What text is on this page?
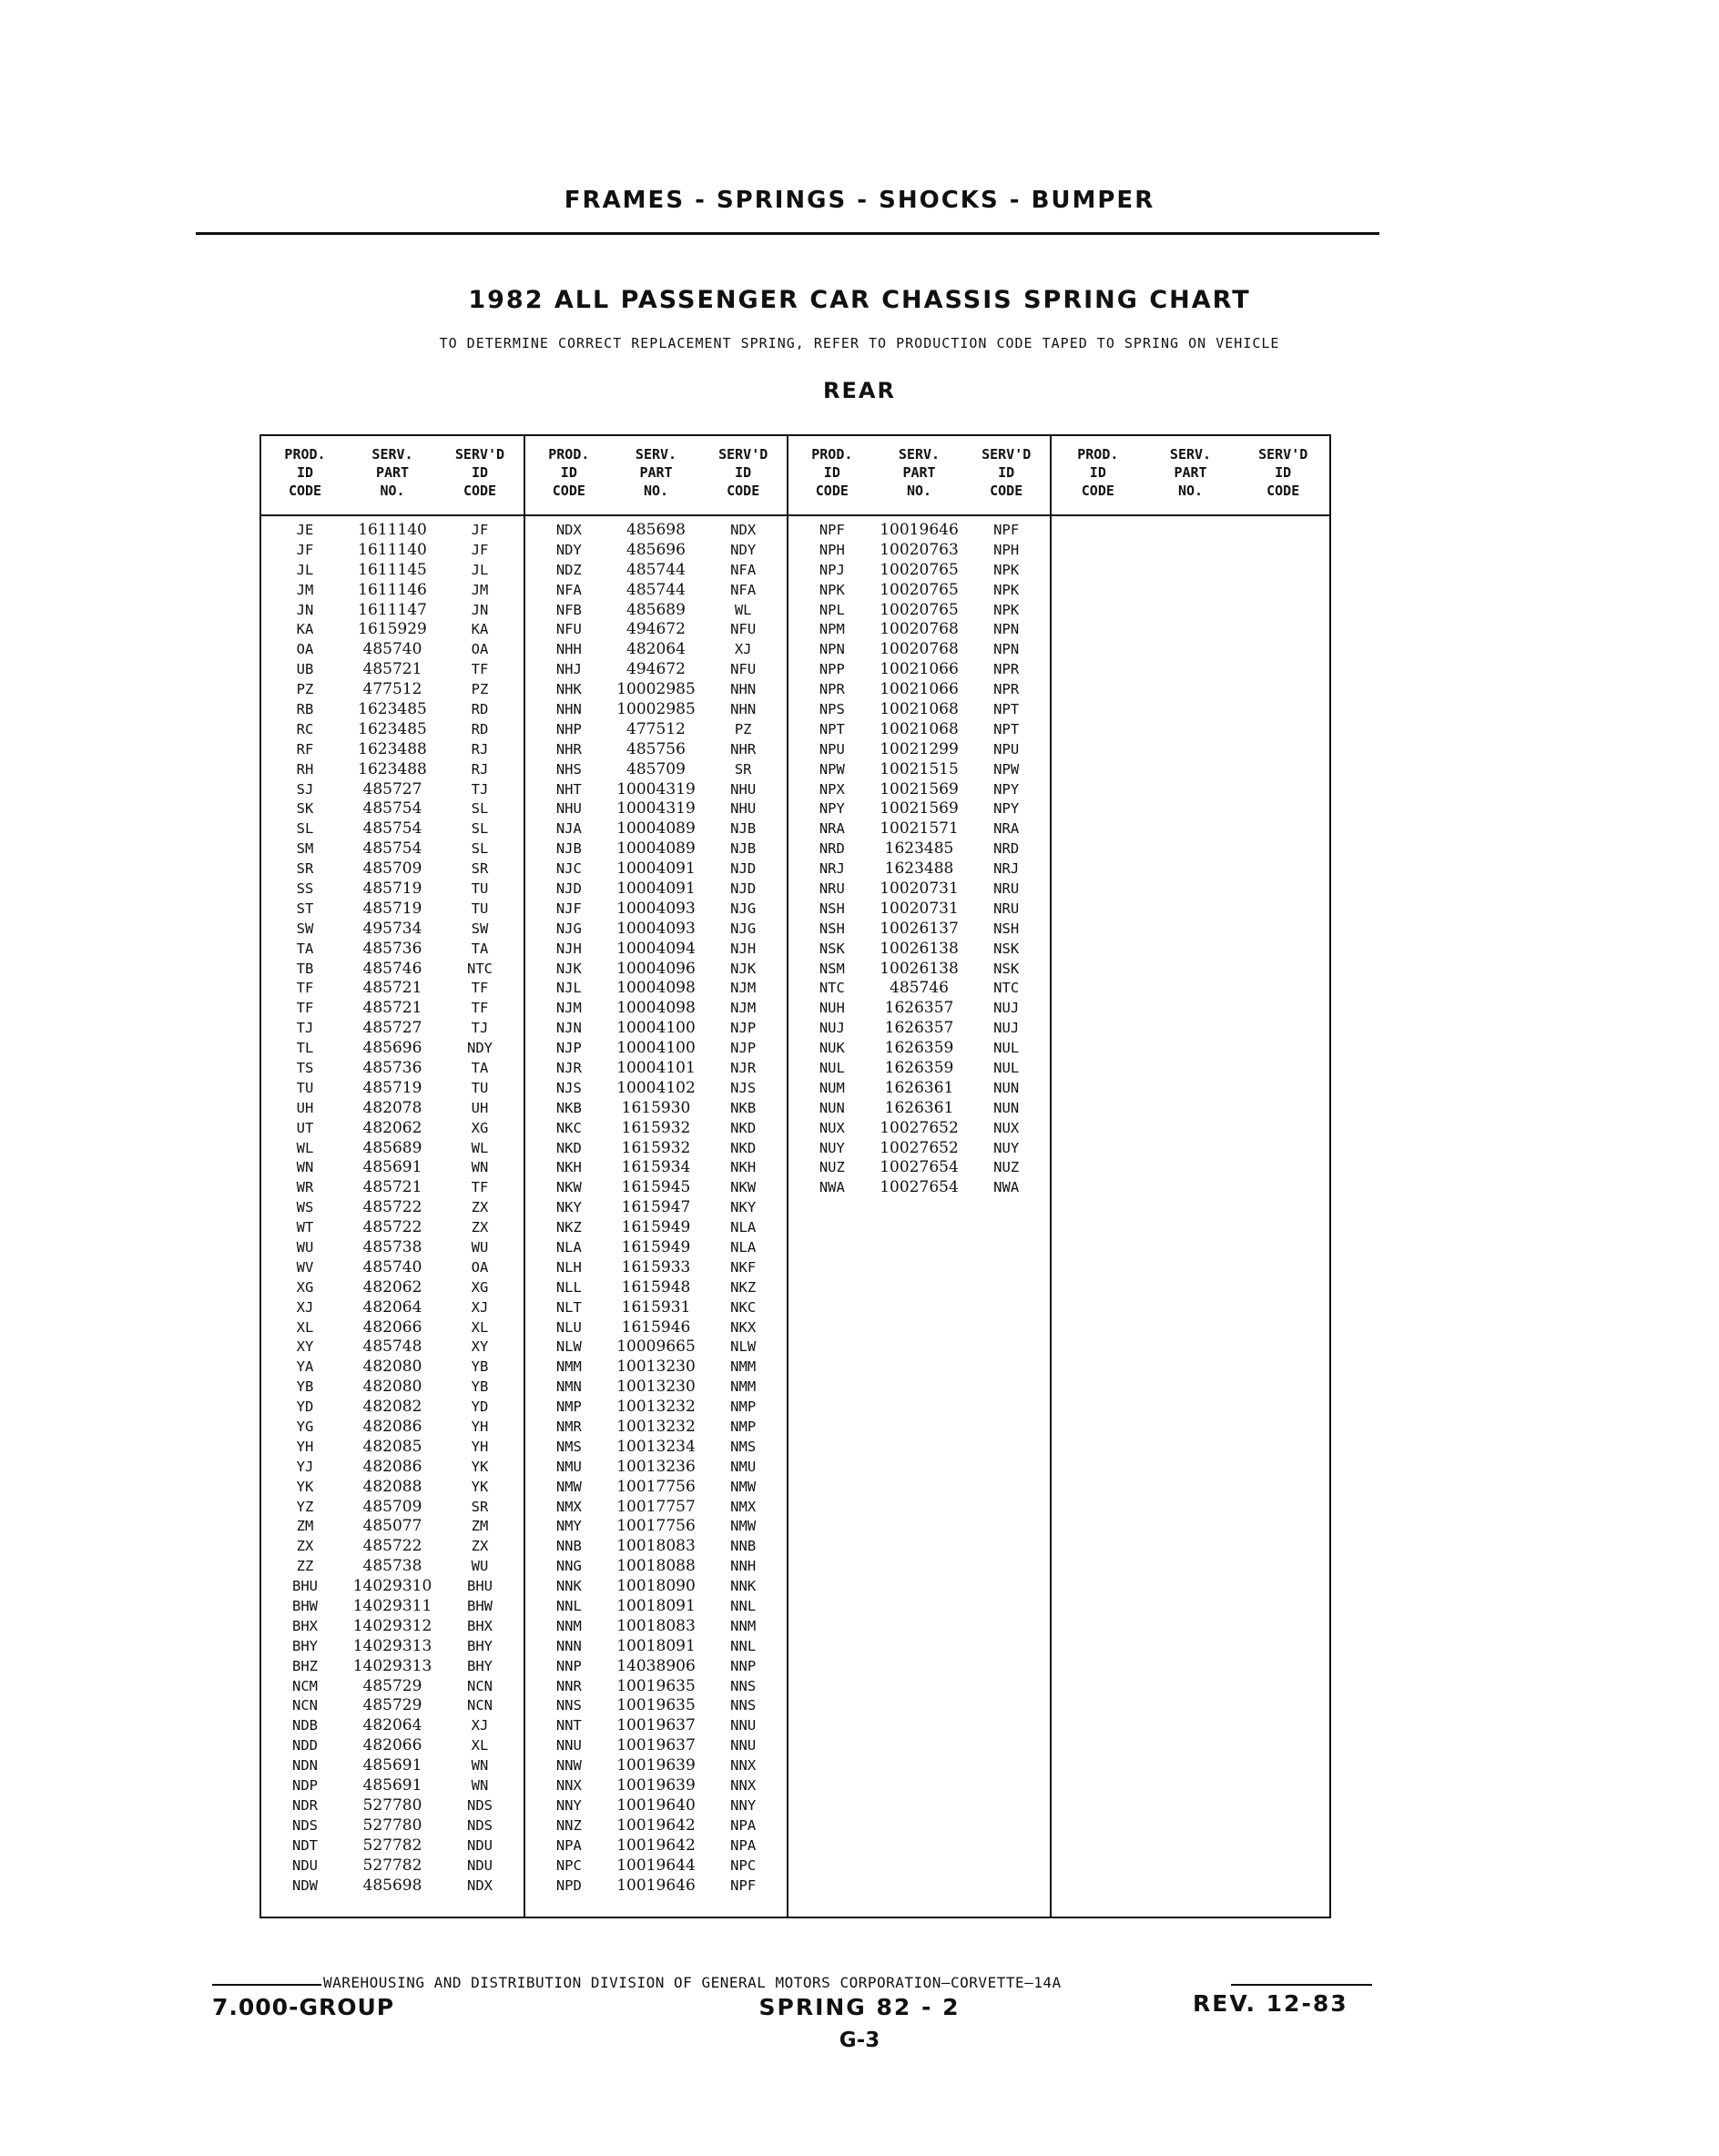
FRAMES - SPRINGS - SHOCKS - BUMPER
1982 ALL PASSENGER CAR CHASSIS SPRING CHART
TO DETERMINE CORRECT REPLACEMENT SPRING, REFER TO PRODUCTION CODE TAPED TO SPRING ON VEHICLE
REAR
PROD.
ID
CODE
SERV.
PART
NO.
SERV'D
ID
CODE
JE	1611140	JF
JF	1611140	JF
JL	1611145	JL
JM	1611146	JM
JN	1611147	JN
KA	1615929	KA
OA	485740	OA
UB	485721	TF
PZ	477512	PZ
RB	1623485	RD
RC	1623485	RD
RF	1623488	RJ
RH	1623488	RJ
SJ	485727	TJ
SK	485754	SL
SL	485754	SL
SM	485754	SL
SR	485709	SR
SS	485719	TU
ST	485719	TU
SW	495734	SW
TA	485736	TA
TB	485746	NTC
TF	485721	TF
TF	485721	TF
TJ	485727	TJ
TL	485696	NDY
TS	485736	TA
TU	485719	TU
UH	482078	UH
UT	482062	XG
WL	485689	WL
WN	485691	WN
WR	485721	TF
WS	485722	ZX
WT	485722	ZX
WU	485738	WU
WV	485740	OA
XG	482062	XG
XJ	482064	XJ
XL	482066	XL
XY	485748	XY
YA	482080	YB
YB	482080	YB
YD	482082	YD
YG	482086	YH
YH	482085	YH
YJ	482086	YK
YK	482088	YK
YZ	485709	SR
ZM	485077	ZM
ZX	485722	ZX
ZZ	485738	WU
BHU	14029310	BHU
BHW	14029311	BHW
BHX	14029312	BHX
BHY	14029313	BHY
BHZ	14029313	BHY
NCM	485729	NCN
NCN	485729	NCN
NDB	482064	XJ
NDD	482066	XL
NDN	485691	WN
NDP	485691	WN
NDR	527780	NDS
NDS	527780	NDS
NDT	527782	NDU
NDU	527782	NDU
NDW	485698	NDX
PROD.
ID
CODE
SERV.
PART
NO.
SERV'D
ID
CODE
NDX	485698	NDX
NDY	485696	NDY
NDZ	485744	NFA
NFA	485744	NFA
NFB	485689	WL
NFU	494672	NFU
NHH	482064	XJ
NHJ	494672	NFU
NHK	10002985	NHN
NHN	10002985	NHN
NHP	477512	PZ
NHR	485756	NHR
NHS	485709	SR
NHT	10004319	NHU
NHU	10004319	NHU
NJA	10004089	NJB
NJB	10004089	NJB
NJC	10004091	NJD
NJD	10004091	NJD
NJF	10004093	NJG
NJG	10004093	NJG
NJH	10004094	NJH
NJK	10004096	NJK
NJL	10004098	NJM
NJM	10004098	NJM
NJN	10004100	NJP
NJP	10004100	NJP
NJR	10004101	NJR
NJS	10004102	NJS
NKB	1615930	NKB
NKC	1615932	NKD
NKD	1615932	NKD
NKH	1615934	NKH
NKW	1615945	NKW
NKY	1615947	NKY
NKZ	1615949	NLA
NLA	1615949	NLA
NLH	1615933	NKF
NLL	1615948	NKZ
NLT	1615931	NKC
NLU	1615946	NKX
NLW	10009665	NLW
NMM	10013230	NMM
NMN	10013230	NMM
NMP	10013232	NMP
NMR	10013232	NMP
NMS	10013234	NMS
NMU	10013236	NMU
NMW	10017756	NMW
NMX	10017757	NMX
NMY	10017756	NMW
NNB	10018083	NNB
NNG	10018088	NNH
NNK	10018090	NNK
NNL	10018091	NNL
NNM	10018083	NNM
NNN	10018091	NNL
NNP	14038906	NNP
NNR	10019635	NNS
NNS	10019635	NNS
NNT	10019637	NNU
NNU	10019637	NNU
NNW	10019639	NNX
NNX	10019639	NNX
NNY	10019640	NNY
NNZ	10019642	NPA
NPA	10019642	NPA
NPC	10019644	NPC
NPD	10019646	NPF
PROD.
ID
CODE
SERV.
PART
NO.
SERV'D
ID
CODE
NPF	10019646	NPF
NPH	10020763	NPH
NPJ	10020765	NPK
NPK	10020765	NPK
NPL	10020765	NPK
NPM	10020768	NPN
NPN	10020768	NPN
NPP	10021066	NPR
NPR	10021066	NPR
NPS	10021068	NPT
NPT	10021068	NPT
NPU	10021299	NPU
NPW	10021515	NPW
NPX	10021569	NPY
NPY	10021569	NPY
NRA	10021571	NRA
NRD	1623485	NRD
NRJ	1623488	NRJ
NRU	10020731	NRU
NSH	10020731	NRU
NSH	10026137	NSH
NSK	10026138	NSK
NSM	10026138	NSK
NTC	485746	NTC
NUH	1626357	NUJ
NUJ	1626357	NUJ
NUK	1626359	NUL
NUL	1626359	NUL
NUM	1626361	NUN
NUN	1626361	NUN
NUX	10027652	NUX
NUY	10027652	NUY
NUZ	10027654	NUZ
NWA	10027654	NWA
PROD.
ID
CODE
SERV.
PART
NO.
SERV'D
ID
CODE
WAREHOUSING AND DISTRIBUTION DIVISION OF GENERAL MOTORS CORPORATION—CORVETTE—14A
7.000-GROUP	SPRING 82 - 2	REV. 12-83
G-3
